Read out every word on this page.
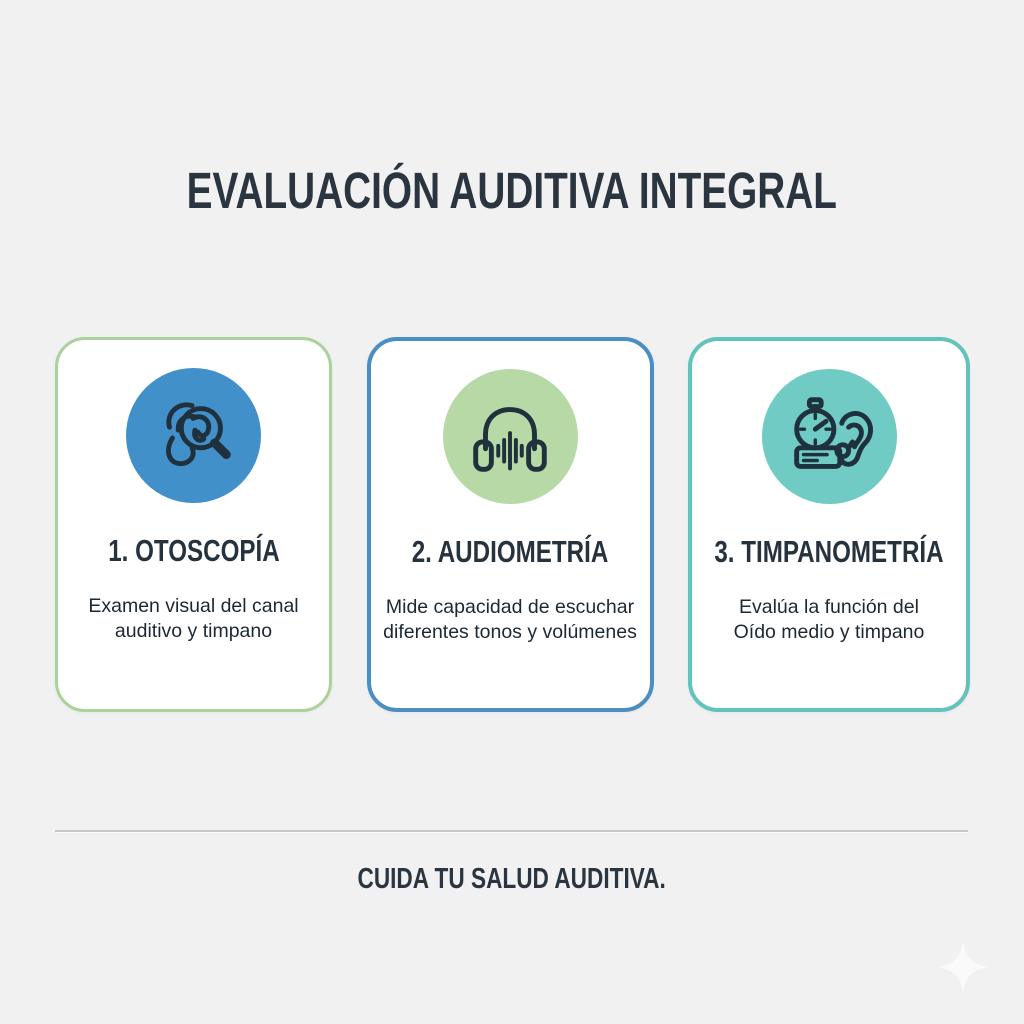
EVALUACIÓN AUDITIVA INTEGRAL
1. OTOSCOPÍA
Examen visual del canal
auditivo y timpano
2. AUDIOMETRÍA
Mide capacidad de escuchar
diferentes tonos y volúmenes
3. TIMPANOMETRÍA
Evalúa la función del
Oído medio y timpano
CUIDA TU SALUD AUDITIVA.
